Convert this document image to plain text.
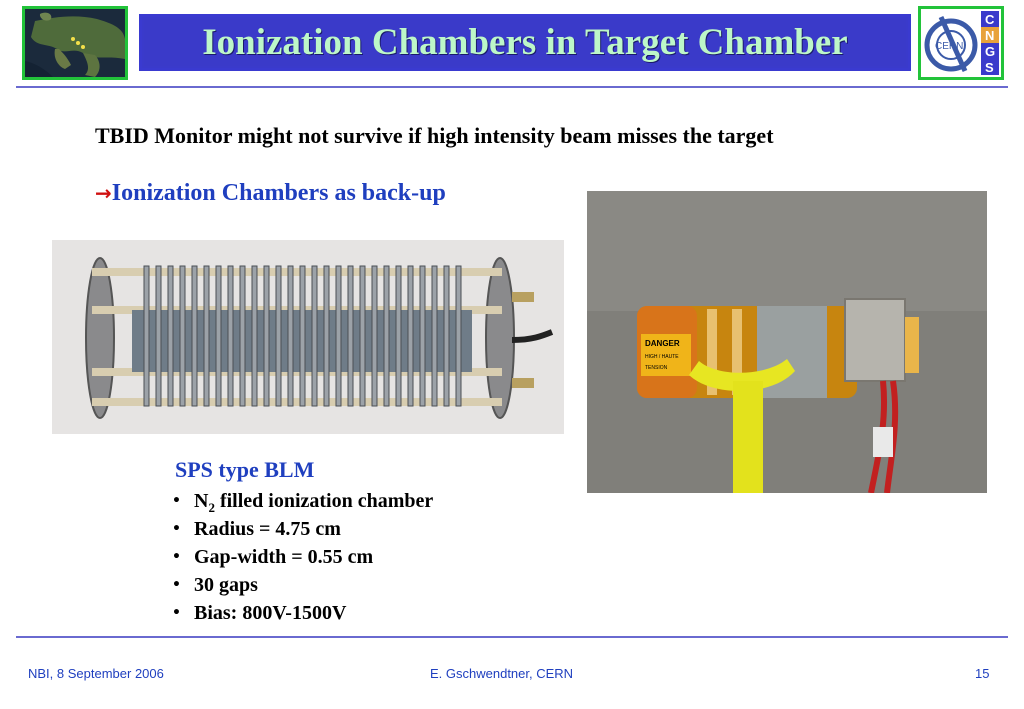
Ionization Chambers in Target Chamber	CERN
C
N
G
S
TBID Monitor might not survive if high intensity beam misses the target
→Ionization Chambers as back-up
DANGER
HIGH / HAUTE
TENSION
SPS type BLM
• $N_2$ filled ionization chamber
• Radius = 4.75 cm
• Gap-width = 0.55 cm
• 30 gaps
• Bias: 800V-1500V
NBI, 8 September 2006	E. Gschwendtner, CERN	15
